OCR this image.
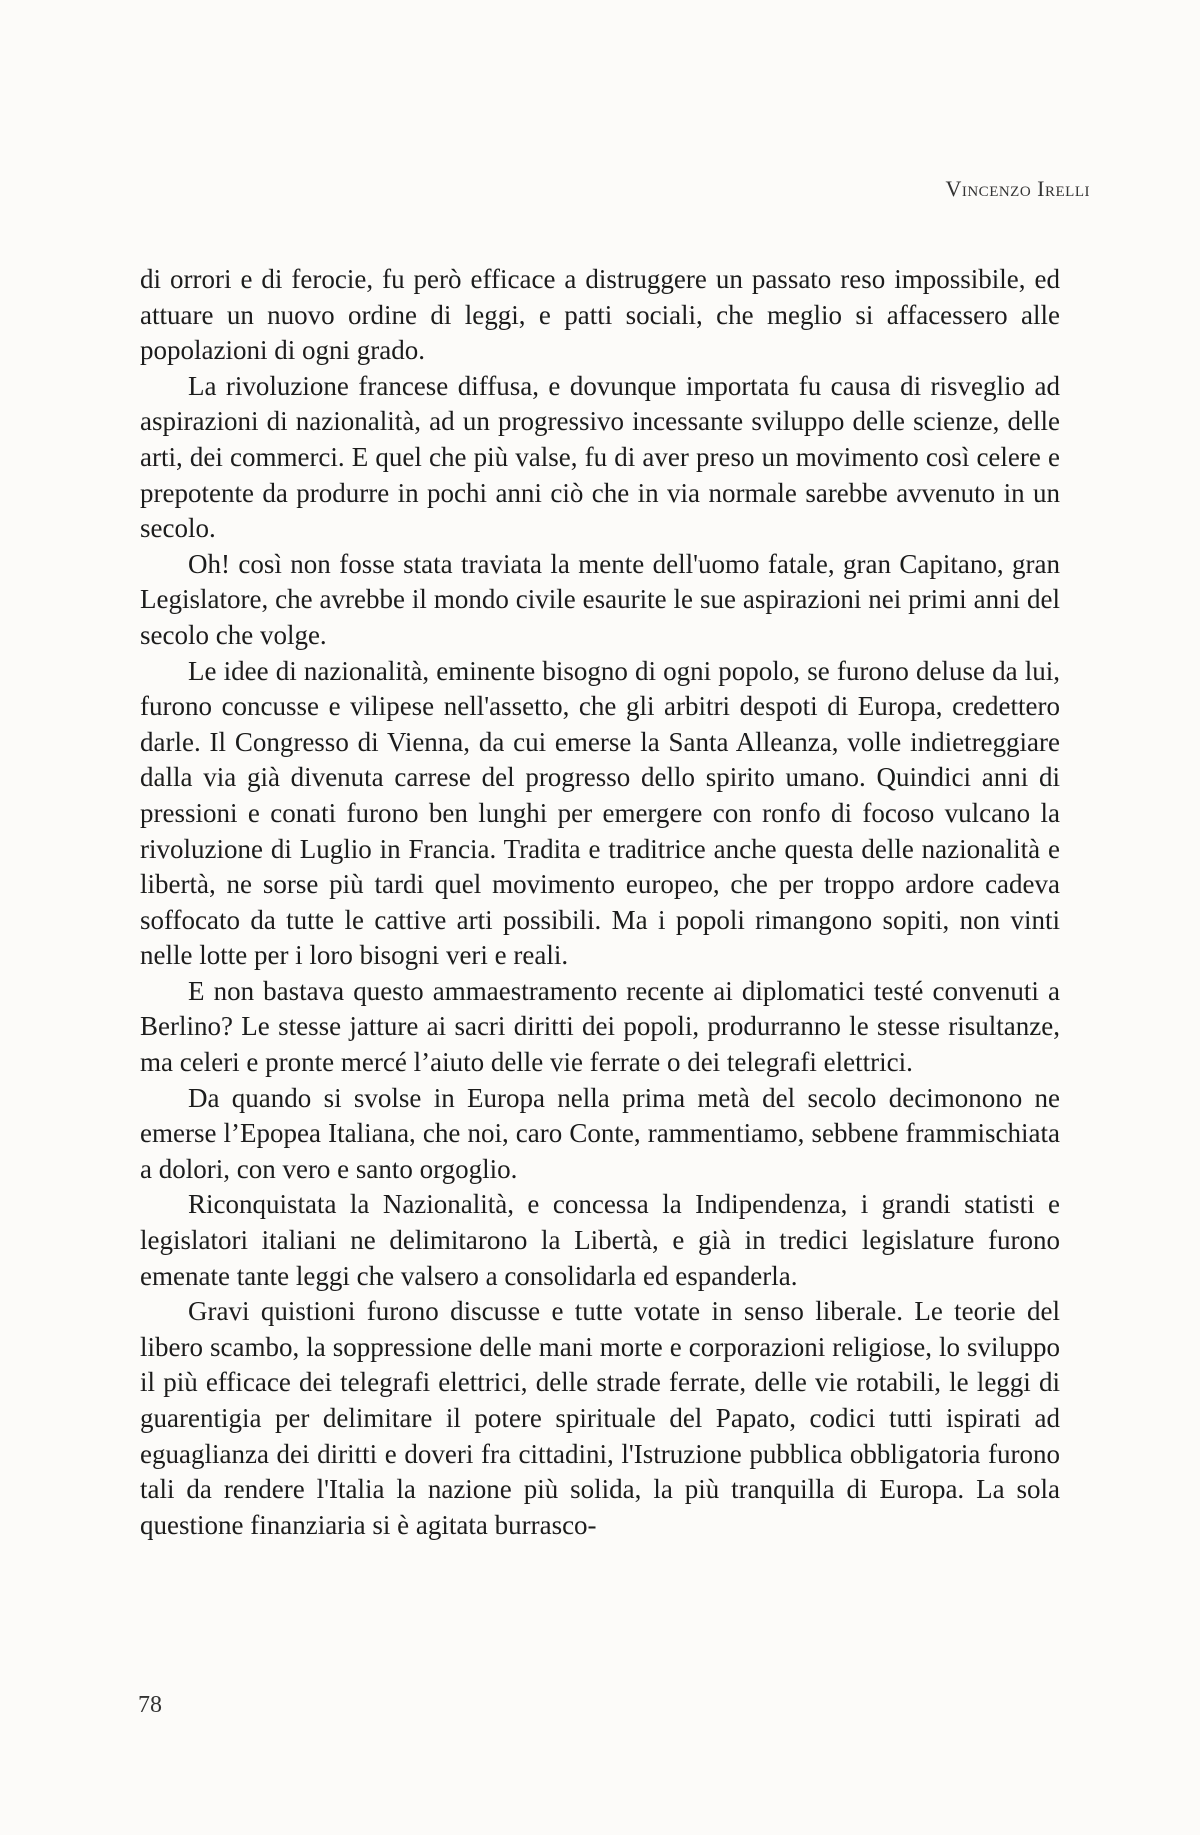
Vincenzo Irelli

di orrori e di ferocie, fu però efficace a distruggere un passato reso impossibile, ed attuare un nuovo ordine di leggi, e patti sociali, che meglio si affacessero alle popolazioni di ogni grado.

La rivoluzione francese diffusa, e dovunque importata fu causa di risveglio ad aspirazioni di nazionalità, ad un progressivo incessante sviluppo delle scienze, delle arti, dei commerci. E quel che più valse, fu di aver preso un movimento così celere e prepotente da produrre in pochi anni ciò che in via normale sarebbe avvenuto in un secolo.

Oh! così non fosse stata traviata la mente dell'uomo fatale, gran Capitano, gran Legislatore, che avrebbe il mondo civile esaurite le sue aspirazioni nei primi anni del secolo che volge.

Le idee di nazionalità, eminente bisogno di ogni popolo, se furono deluse da lui, furono concusse e vilipese nell'assetto, che gli arbitri despoti di Europa, credettero darle. Il Congresso di Vienna, da cui emerse la Santa Alleanza, volle indietreggiare dalla via già divenuta carrese del progresso dello spirito umano. Quindici anni di pressioni e conati furono ben lunghi per emergere con ronfo di focoso vulcano la rivoluzione di Luglio in Francia. Tradita e traditrice anche questa delle nazionalità e libertà, ne sorse più tardi quel movimento europeo, che per troppo ardore cadeva soffocato da tutte le cattive arti possibili. Ma i popoli rimangono sopiti, non vinti nelle lotte per i loro bisogni veri e reali.

E non bastava questo ammaestramento recente ai diplomatici testé convenuti a Berlino? Le stesse jatture ai sacri diritti dei popoli, produrranno le stesse risultanze, ma celeri e pronte mercé l’aiuto delle vie ferrate o dei telegrafi elettrici.

Da quando si svolse in Europa nella prima metà del secolo decimonono ne emerse l’Epopea Italiana, che noi, caro Conte, rammentiamo, sebbene frammischiata a dolori, con vero e santo orgoglio.

Riconquistata la Nazionalità, e concessa la Indipendenza, i grandi statisti e legislatori italiani ne delimitarono la Libertà, e già in tredici legislature furono emenate tante leggi che valsero a consolidarla ed espanderla.

Gravi quistioni furono discusse e tutte votate in senso liberale. Le teorie del libero scambo, la soppressione delle mani morte e corporazioni religiose, lo sviluppo il più efficace dei telegrafi elettrici, delle strade ferrate, delle vie rotabili, le leggi di guarentigia per delimitare il potere spirituale del Papato, codici tutti ispirati ad eguaglianza dei diritti e doveri fra cittadini, l'Istruzione pubblica obbligatoria furono tali da rendere l'Italia la nazione più solida, la più tranquilla di Europa. La sola questione finanziaria si è agitata burrasco-

78
